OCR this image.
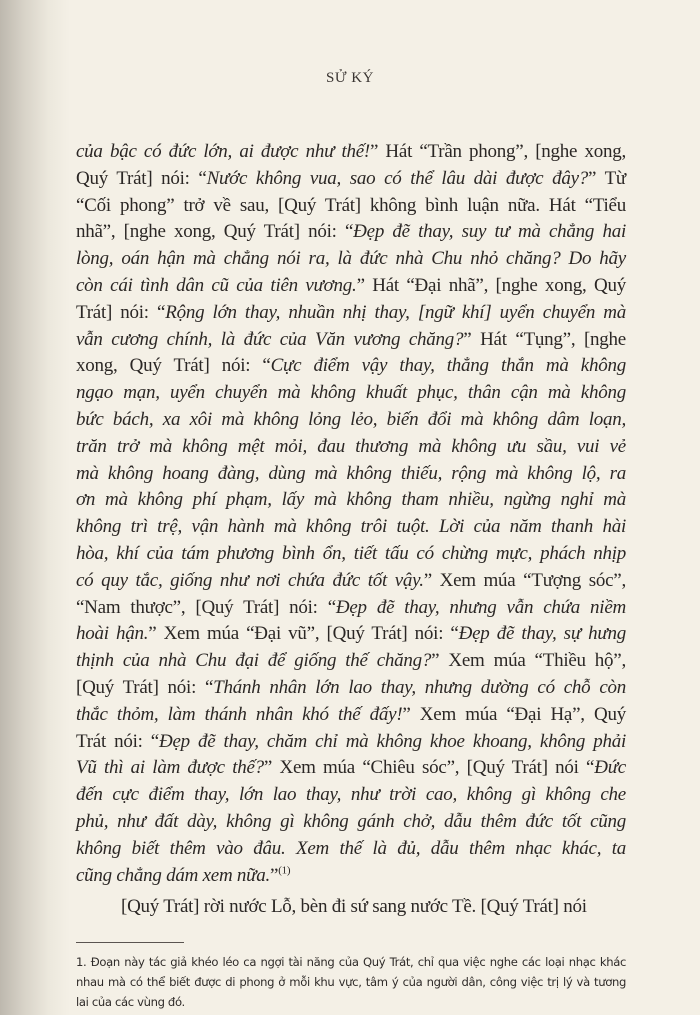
SỬ KÝ
của bậc có đức lớn, ai được như thế!” Hát “Trần phong”, [nghe xong,
Quý Trát] nói: “Nước không vua, sao có thể lâu dài được đây?” Từ
“Cối phong” trở về sau, [Quý Trát] không bình luận nữa. Hát “Tiểu
nhã”, [nghe xong, Quý Trát] nói: “Đẹp đẽ thay, suy tư mà chẳng hai
lòng, oán hận mà chẳng nói ra, là đức nhà Chu nhỏ chăng? Do hãy
còn cái tình dân cũ của tiên vương.” Hát “Đại nhã”, [nghe xong, Quý
Trát] nói: “Rộng lớn thay, nhuần nhị thay, [ngữ khí] uyển chuyển mà
vẫn cương chính, là đức của Văn vương chăng?” Hát “Tụng”, [nghe
xong, Quý Trát] nói: “Cực điểm vậy thay, thẳng thắn mà không
ngạo mạn, uyển chuyển mà không khuất phục, thân cận mà không
bức bách, xa xôi mà không lỏng lẻo, biến đổi mà không dâm loạn,
trăn trở mà không mệt mỏi, đau thương mà không ưu sầu, vui vẻ
mà không hoang đàng, dùng mà không thiếu, rộng mà không lộ, ra
ơn mà không phí phạm, lấy mà không tham nhiều, ngừng nghỉ mà
không trì trệ, vận hành mà không trôi tuột. Lời của năm thanh hài
hòa, khí của tám phương bình ổn, tiết tấu có chừng mực, phách nhịp
có quy tắc, giống như nơi chứa đức tốt vậy.” Xem múa “Tượng sóc”,
“Nam thược”, [Quý Trát] nói: “Đẹp đẽ thay, nhưng vẫn chứa niềm
hoài hận.” Xem múa “Đại vũ”, [Quý Trát] nói: “Đẹp đẽ thay, sự hưng
thịnh của nhà Chu đại để giống thế chăng?” Xem múa “Thiều hộ”,
[Quý Trát] nói: “Thánh nhân lớn lao thay, nhưng dường có chỗ còn
thắc thỏm, làm thánh nhân khó thế đấy!” Xem múa “Đại Hạ”, Quý
Trát nói: “Đẹp đẽ thay, chăm chỉ mà không khoe khoang, không phải
Vũ thì ai làm được thế?” Xem múa “Chiêu sóc”, [Quý Trát] nói “Đức
đến cực điểm thay, lớn lao thay, như trời cao, không gì không che
phủ, như đất dày, không gì không gánh chở, dẫu thêm đức tốt cũng
không biết thêm vào đâu. Xem thế là đủ, dẫu thêm nhạc khác, ta
cũng chẳng dám xem nữa.”$^{(1)}$
[Quý Trát] rời nước Lỗ, bèn đi sứ sang nước Tề. [Quý Trát] nói
1. Đoạn này tác giả khéo léo ca ngợi tài năng của Quý Trát, chỉ qua việc nghe các loại nhạc khác
nhau mà có thể biết được di phong ở mỗi khu vực, tâm ý của người dân, công việc trị lý và tương
lai của các vùng đó.
